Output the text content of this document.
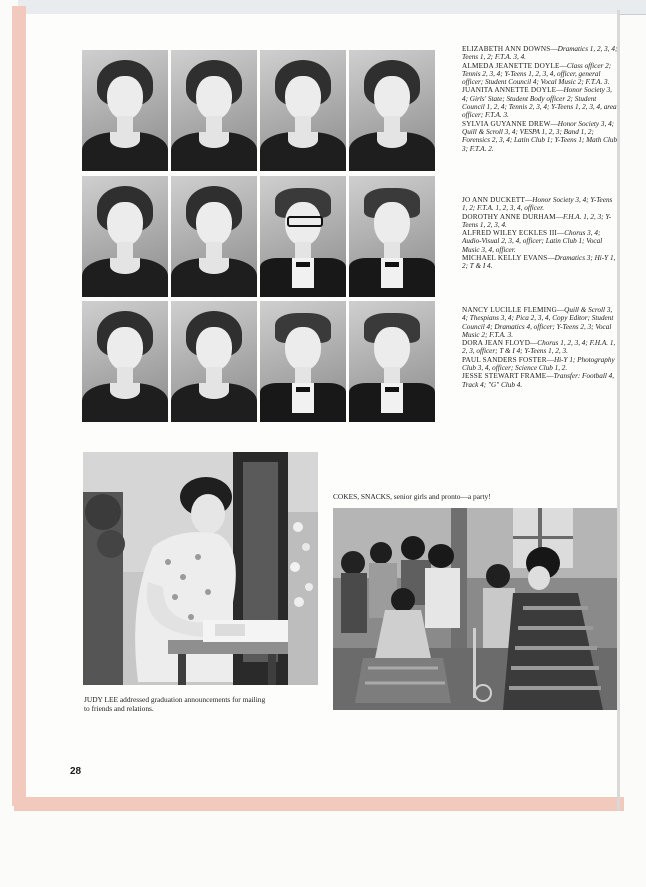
ELIZABETH ANN DOWNS—Dramatics 1, 2, 3, 4; Teens 1, 2; F.T.A. 3, 4.

ALMEDA JEANETTE DOYLE—Class officer 2; Tennis 2, 3, 4; Y-Teens 1, 2, 3, 4, officer, general officer; Student Council 4; Vocal Music 2; F.T.A. 3.

JUANITA ANNETTE DOYLE—Honor Society 3, 4; Girls' State; Student Body officer 2; Student Council 1, 2, 4; Tennis 2, 3, 4; Y-Teens 1, 2, 3, 4, area officer; F.T.A. 3.

SYLVIA GUYANNE DREW—Honor Society 3, 4; Quill & Scroll 3, 4; VESPA 1, 2, 3; Band 1, 2; Forensics 2, 3, 4; Latin Club 1; Y-Teens 1; Math Club 3; F.T.A. 2.

JO ANN DUCKETT—Honor Society 3, 4; Y-Teens 1, 2; F.T.A. 1, 2, 3, 4, officer.

DOROTHY ANNE DURHAM—F.H.A. 1, 2, 3; Y-Teens 1, 2, 3, 4.

ALFRED WILEY ECKLES III—Chorus 3, 4; Audio-Visual 2, 3, 4, officer; Latin Club 1; Vocal Music 3, 4, officer.

MICHAEL KELLY EVANS—Dramatics 3; Hi-Y 1, 2; T & I 4.

NANCY LUCILLE FLEMING—Quill & Scroll 3, 4; Thespians 3, 4; Pica 2, 3, 4, Copy Editor; Student Council 4; Dramatics 4, officer; Y-Teens 2, 3; Vocal Music 2; F.T.A. 3.

DORA JEAN FLOYD—Chorus 1, 2, 3, 4; F.H.A. 1, 2, 3, officer; T & I 4; Y-Teens 1, 2, 3.

PAUL SANDERS FOSTER—Hi-Y 1; Photography Club 3, 4, officer; Science Club 1, 2.

JESSE STEWART FRAME—Transfer: Football 4, Track 4; "G" Club 4.

COKES, SNACKS, senior girls and pronto—a party!
JUDY LEE addressed graduation announcements for mailing to friends and relations.
28
